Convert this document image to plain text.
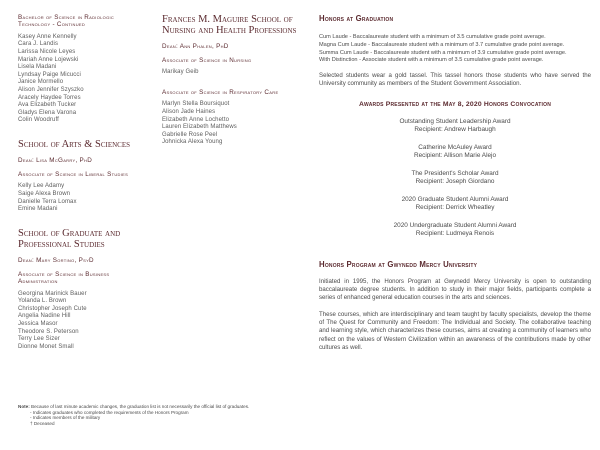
Bachelor of Science in Radiologic Technology - Continued
Kasey Anne Kennelly
Cara J. Landis
Larissa Nicole Leyes
Mariah Anne Lojewski
Lisela Madani
Lyndsay Paige Micucci
Janice Mormello
Alison Jennifer Szyszko
Aracely Haydee Torres
Ava Elizabeth Tucker
Gladys Elena Varona
Colin Woodruff
School of Arts & Sciences
Dean: Lisa McGarry, PhD
Associate of Science in Liberal Studies
Kelly Lee Adamy
Saige Alexa Brown
Danielle Terra Lomax
Emine Madani
School of Graduate and Professional Studies
Dean: Mary Sortino, PsyD
Associate of Science in Business Administration
Georgina Marinick Bauer
Yolanda L. Brown
Christopher Joseph Cute
Angelia Nadine Hill
Jessica Masor
Theodore S. Peterson
Terry Lee Sizer
Dionne Monet Small
Frances M. Maguire School of Nursing and Health Professions
Dean: Ann Phalen, PhD
Associate of Science in Nursing
Marikay Geib
Associate of Science in Respiratory Care
Marlyn Stella Boursiquot
Alison Jade Haines
Elizabeth Anne Lochetto
Lauren Elizabeth Matthews
Gabrielle Rose Peel
Johnicka Alexa Young
Honors at Graduation
Cum Laude - Baccalaureate student with a minimum of 3.5 cumulative grade point average.
Magna Cum Laude - Baccalaureate student with a minimum of 3.7 cumulative grade point average.
Summa Cum Laude - Baccalaureate student with a minimum of 3.9 cumulative grade point average.
With Distinction - Associate student with a minimum of 3.5 cumulative grade point average.

Selected students wear a gold tassel. This tassel honors those students who have served the University community as members of the Student Government Association.

Awards Presented at the May 8, 2020 Honors Convocation
Outstanding Student Leadership Award
Recipient: Andrew Harbaugh
Catherine McAuley Award
Recipient: Allison Marie Alejo
The President's Scholar Award
Recipient: Joseph Giordano
2020 Graduate Student Alumni Award
Recipient: Derrick Wheatley
2020 Undergraduate Student Alumni Award
Recipient: Ludmeya Renois
Honors Program at Gwynedd Mercy University

Initiated in 1995, the Honors Program at Gwynedd Mercy University is open to outstanding baccalaureate degree students. In addition to study in their major fields, participants complete a series of enhanced general education courses in the arts and sciences.

These courses, which are interdisciplinary and team taught by faculty specialists, develop the theme of The Quest for Community and Freedom: The Individual and Society. The collaborative teaching and learning style, which characterizes these courses, aims at creating a community of learners who reflect on the values of Western Civilization within an awareness of the contributions made by other cultures as well.

Note: Because of last minute academic changes, the graduation list is not necessarily the official list of graduates.
- Indicates graduates who completed the requirements of the Honors Program
- Indicates members of the military
† Deceased
